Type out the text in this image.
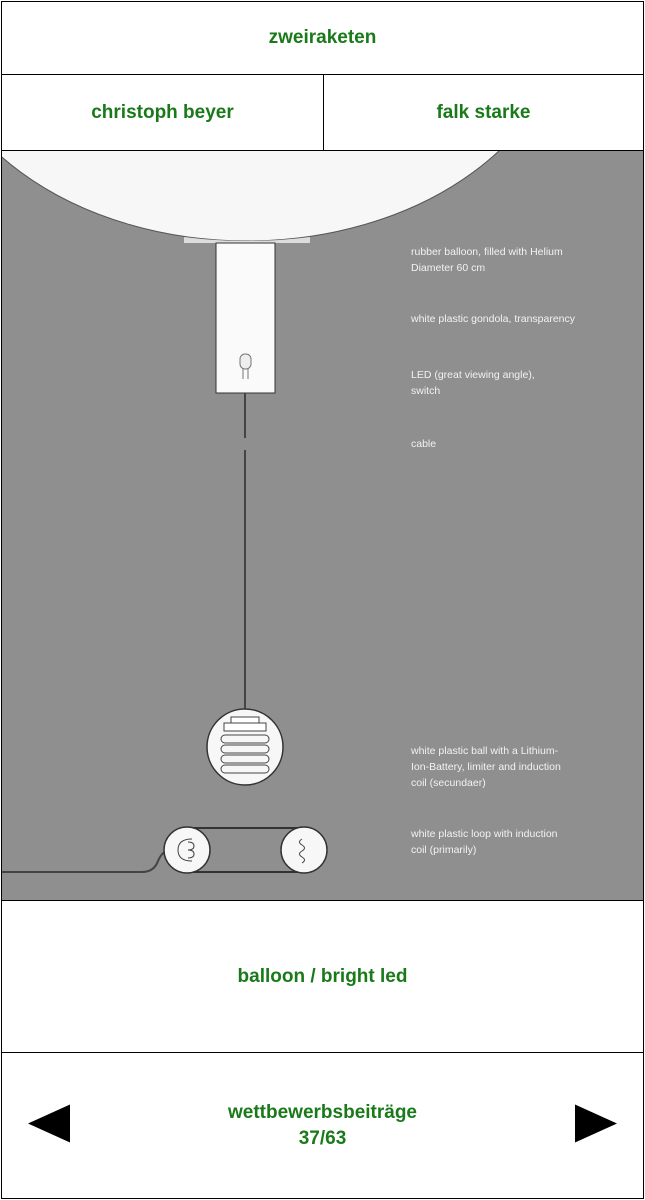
zweiraketen
christoph beyer	falk starke
rubber balloon, filled with Helium Diameter 60 cm
white plastic gondola, transparency
LED (great viewing angle), switch
cable
white plastic ball with a Lithium- Ion-Battery, limiter and induction coil (secundaer)
white plastic loop with induction coil (primarily)
balloon / bright led
wettbewerbsbeiträge
37/63
